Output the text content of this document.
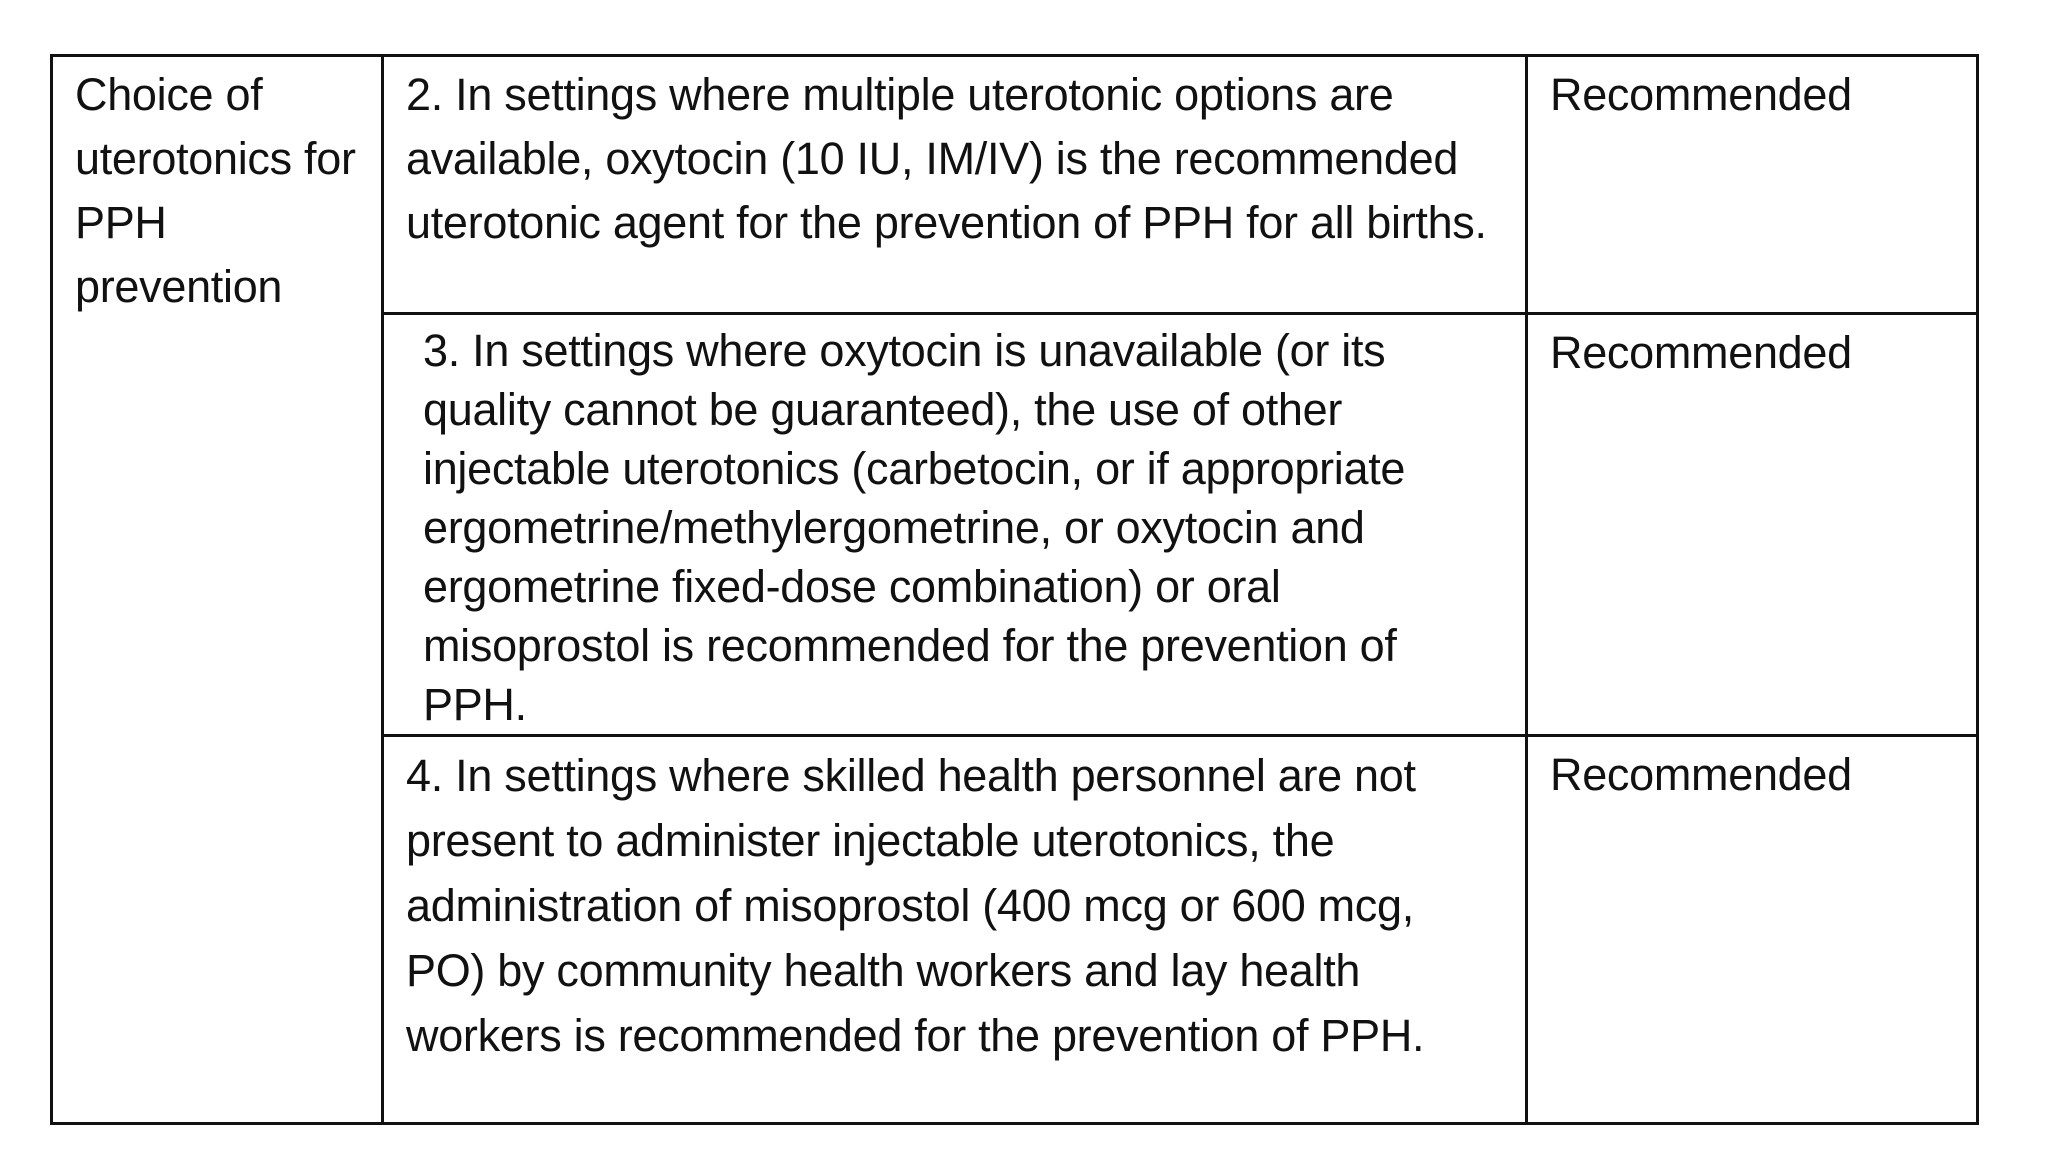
Choice of uterotonics for PPH prevention	2. In settings where multiple uterotonic options are available, oxytocin (10 IU, IM/IV) is the recommended uterotonic agent for the prevention of PPH for all births.	Recommended
	3. In settings where oxytocin is unavailable (or its quality cannot be guaranteed), the use of other injectable uterotonics (carbetocin, or if appropriate ergometrine/methylergometrine, or oxytocin and ergometrine fixed-dose combination) or oral misoprostol is recommended for the prevention of PPH.	Recommended
	4. In settings where skilled health personnel are not present to administer injectable uterotonics, the administration of misoprostol (400 mcg or 600 mcg, PO) by community health workers and lay health workers is recommended for the prevention of PPH.	Recommended
